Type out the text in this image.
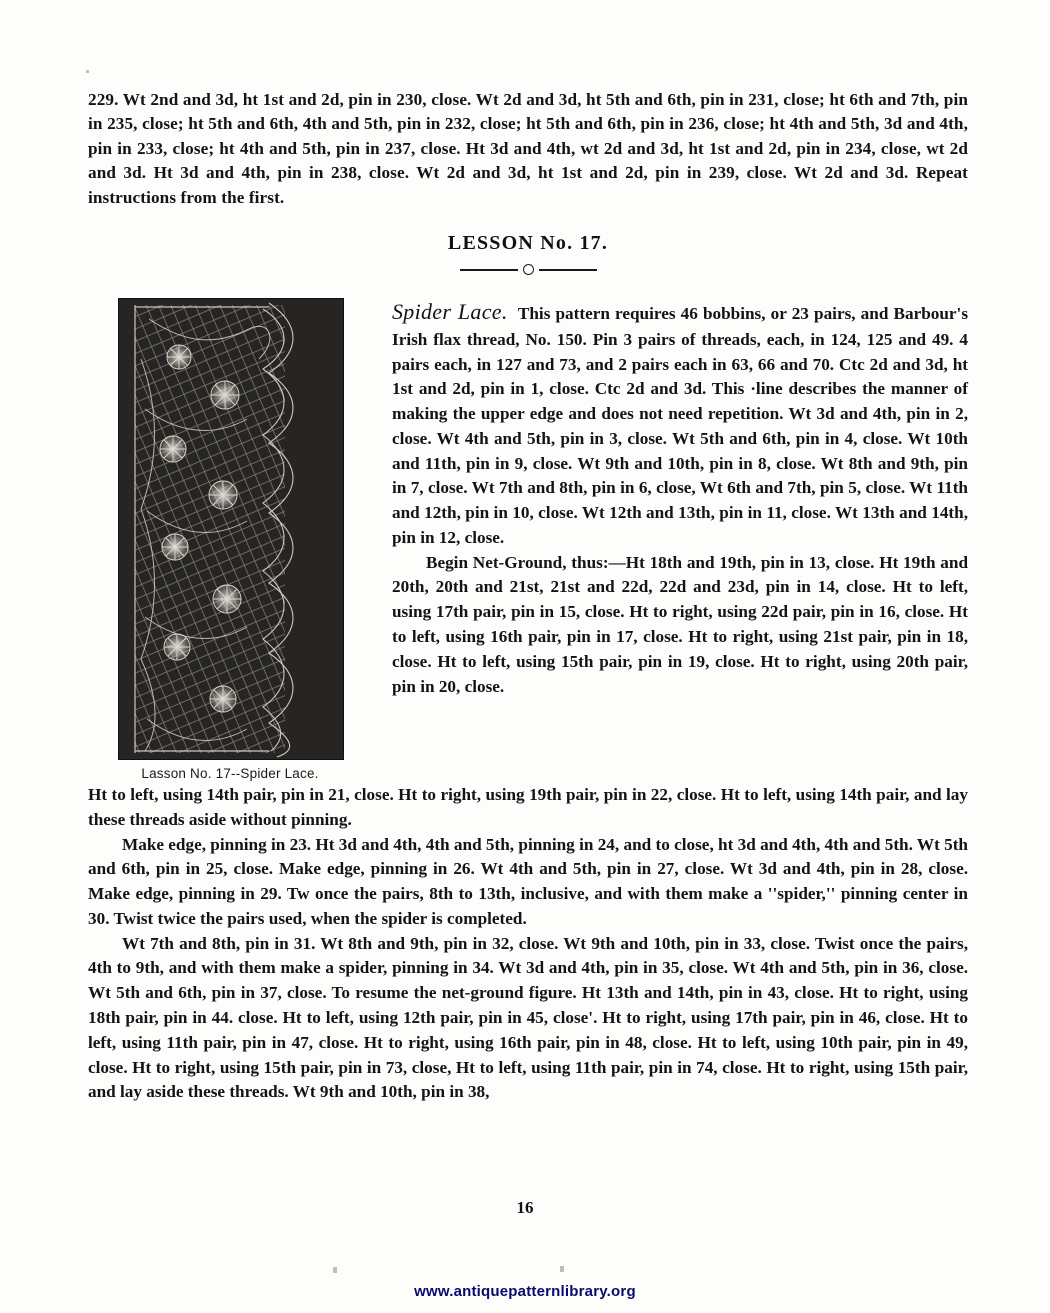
229. Wt 2nd and 3d, ht 1st and 2d, pin in 230, close. Wt 2d and 3d, ht 5th and 6th, pin in 231, close; ht 6th and 7th, pin in 235, close; ht 5th and 6th, 4th and 5th, pin in 232, close; ht 5th and 6th, pin in 236, close; ht 4th and 5th, 3d and 4th, pin in 233, close; ht 4th and 5th, pin in 237, close. Ht 3d and 4th, wt 2d and 3d, ht 1st and 2d, pin in 234, close, wt 2d and 3d. Ht 3d and 4th, pin in 238, close. Wt 2d and 3d, ht 1st and 2d, pin in 239, close. Wt 2d and 3d. Repeat instructions from the first.

LESSON No. 17.
Lasson No. 17--Spider Lace.

Spider Lace. This pattern requires 46 bobbins, or 23 pairs, and Barbour's Irish flax thread, No. 150. Pin 3 pairs of threads, each, in 124, 125 and 49. 4 pairs each, in 127 and 73, and 2 pairs each in 63, 66 and 70. Ctc 2d and 3d, ht 1st and 2d, pin in 1, close. Ctc 2d and 3d. This ·line describes the manner of making the upper edge and does not need repetition. Wt 3d and 4th, pin in 2, close. Wt 4th and 5th, pin in 3, close. Wt 5th and 6th, pin in 4, close. Wt 10th and 11th, pin in 9, close. Wt 9th and 10th, pin in 8, close. Wt 8th and 9th, pin in 7, close. Wt 7th and 8th, pin in 6, close, Wt 6th and 7th, pin 5, close. Wt 11th and 12th, pin in 10, close. Wt 12th and 13th, pin in 11, close. Wt 13th and 14th, pin in 12, close.

Begin Net-Ground, thus:—Ht 18th and 19th, pin in 13, close. Ht 19th and 20th, 20th and 21st, 21st and 22d, 22d and 23d, pin in 14, close. Ht to left, using 17th pair, pin in 15, close. Ht to right, using 22d pair, pin in 16, close. Ht to left, using 16th pair, pin in 17, close. Ht to right, using 21st pair, pin in 18, close. Ht to left, using 15th pair, pin in 19, close. Ht to right, using 20th pair, pin in 20, close.

Ht to left, using 14th pair, pin in 21, close. Ht to right, using 19th pair, pin in 22, close. Ht to left, using 14th pair, and lay these threads aside without pinning.

Make edge, pinning in 23. Ht 3d and 4th, 4th and 5th, pinning in 24, and to close, ht 3d and 4th, 4th and 5th. Wt 5th and 6th, pin in 25, close. Make edge, pinning in 26. Wt 4th and 5th, pin in 27, close. Wt 3d and 4th, pin in 28, close. Make edge, pinning in 29. Tw once the pairs, 8th to 13th, inclusive, and with them make a ''spider,'' pinning center in 30. Twist twice the pairs used, when the spider is completed.

Wt 7th and 8th, pin in 31. Wt 8th and 9th, pin in 32, close. Wt 9th and 10th, pin in 33, close. Twist once the pairs, 4th to 9th, and with them make a spider, pinning in 34. Wt 3d and 4th, pin in 35, close. Wt 4th and 5th, pin in 36, close. Wt 5th and 6th, pin in 37, close. To resume the net-ground figure. Ht 13th and 14th, pin in 43, close. Ht to right, using 18th pair, pin in 44. close. Ht to left, using 12th pair, pin in 45, close'. Ht to right, using 17th pair, pin in 46, close. Ht to left, using 11th pair, pin in 47, close. Ht to right, using 16th pair, pin in 48, close. Ht to left, using 10th pair, pin in 49, close. Ht to right, using 15th pair, pin in 73, close, Ht to left, using 11th pair, pin in 74, close. Ht to right, using 15th pair, and lay aside these threads. Wt 9th and 10th, pin in 38,

16
www.antiquepatternlibrary.org
